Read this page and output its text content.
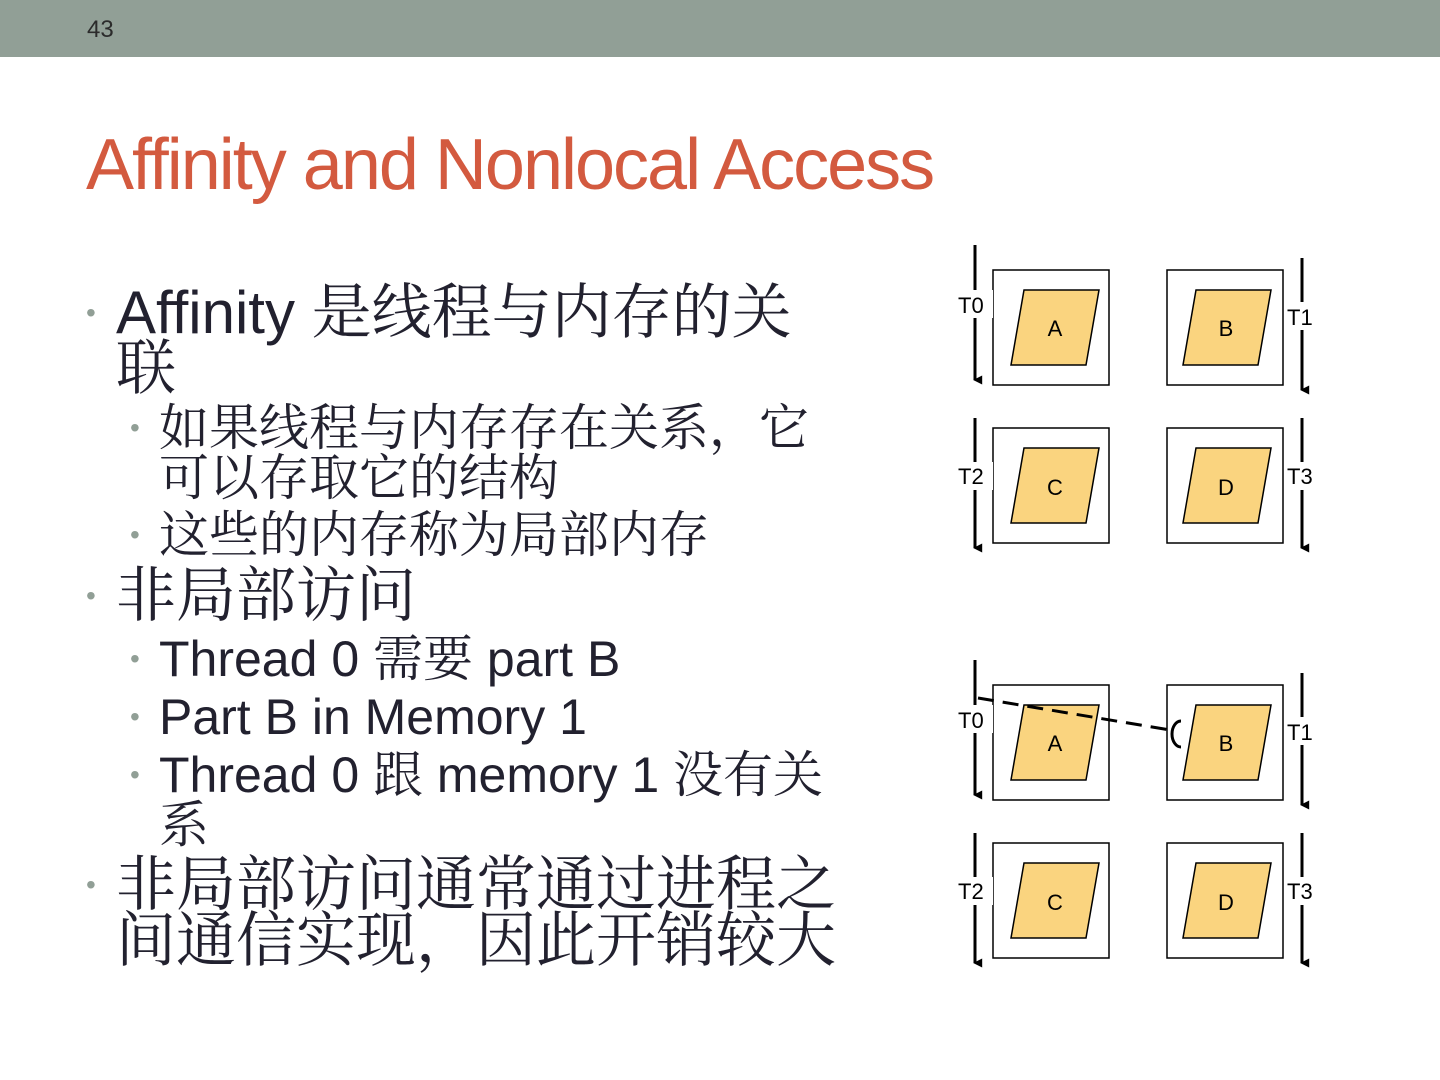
43
Affinity and Nonlocal Access
• Affinity 是线程与内存的关联
• 如果线程与内存存在关系，它可以存取它的结构
• 这些的内存称为局部内存
• 非局部访问
• Thread 0 需要 part B
• Part B in Memory 1
• Thread 0 跟 memory 1 没有关系
• 非局部访问通常通过进程之间通信实现，因此开销较大
T0	T1
T2	T3
A	B
C	D
T0	T1
T2	T3
A	B
C	D
